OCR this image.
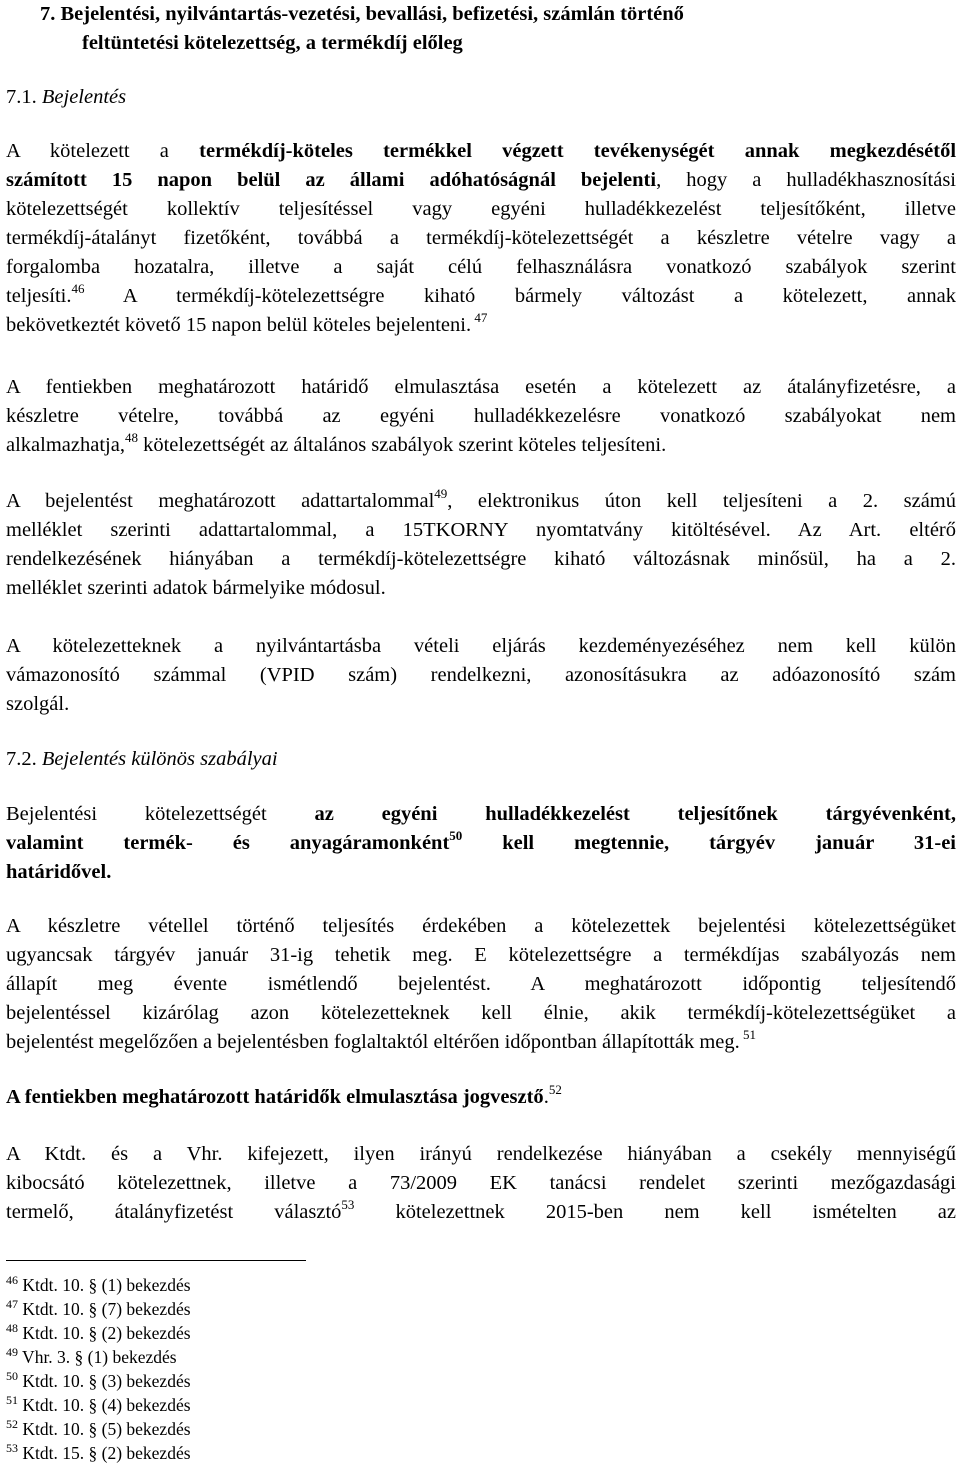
7. Bejelentési, nyilvántartás-vezetési, bevallási, befizetési, számlán történő
feltüntetési kötelezettség, a termékdíj előleg
7.1. Bejelentés
A kötelezett a termékdíj-köteles termékkel végzett tevékenységét annak megkezdésétől
számított 15 napon belül az állami adóhatóságnál bejelenti, hogy a hulladékhasznosítási
kötelezettségét kollektív teljesítéssel vagy egyéni hulladékkezelést teljesítőként, illetve
termékdíj-átalányt fizetőként, továbbá a termékdíj-kötelezettségét a készletre vételre vagy a
forgalomba hozatalra, illetve a saját célú felhasználásra vonatkozó szabályok szerint
teljesíti.$^{46}$ A termékdíj-kötelezettségre kiható bármely változást a kötelezett, annak
bekövetkeztét követő 15 napon belül köteles bejelenteni. $^{47}$
A fentiekben meghatározott határidő elmulasztása esetén a kötelezett az átalányfizetésre, a
készletre vételre, továbbá az egyéni hulladékkezelésre vonatkozó szabályokat nem
alkalmazhatja,$^{48}$ kötelezettségét az általános szabályok szerint köteles teljesíteni.
A bejelentést meghatározott adattartalommal$^{49}$, elektronikus úton kell teljesíteni a 2. számú
melléklet szerinti adattartalommal, a 15TKORNY nyomtatvány kitöltésével. Az Art. eltérő
rendelkezésének hiányában a termékdíj-kötelezettségre kiható változásnak minősül, ha a 2.
melléklet szerinti adatok bármelyike módosul.
A kötelezetteknek a nyilvántartásba vételi eljárás kezdeményezéséhez nem kell külön
vámazonosító számmal (VPID szám) rendelkezni, azonosításukra az adóazonosító szám
szolgál.
7.2. Bejelentés különös szabályai
Bejelentési kötelezettségét az egyéni hulladékkezelést teljesítőnek tárgyévenként,
valamint termék- és anyagáramonként$^{50}$ kell megtennie, tárgyév január 31-ei
határidővel.
A készletre vétellel történő teljesítés érdekében a kötelezettek bejelentési kötelezettségüket
ugyancsak tárgyév január 31-ig tehetik meg. E kötelezettségre a termékdíjas szabályozás nem
állapít meg évente ismétlendő bejelentést. A meghatározott időpontig teljesítendő
bejelentéssel kizárólag azon kötelezetteknek kell élnie, akik termékdíj-kötelezettségüket a
bejelentést megelőzően a bejelentésben foglaltaktól eltérően időpontban állapították meg. $^{51}$
A fentiekben meghatározott határidők elmulasztása jogvesztő.$^{52}$
A Ktdt. és a Vhr. kifejezett, ilyen irányú rendelkezése hiányában a csekély mennyiségű
kibocsátó kötelezettnek, illetve a 73/2009 EK tanácsi rendelet szerinti mezőgazdasági
termelő, átalányfizetést választó$^{53}$ kötelezettnek 2015-ben nem kell ismételten az
$^{46}$ Ktdt. 10. § (1) bekezdés
$^{47}$ Ktdt. 10. § (7) bekezdés
$^{48}$ Ktdt. 10. § (2) bekezdés
$^{49}$ Vhr. 3. § (1) bekezdés
$^{50}$ Ktdt. 10. § (3) bekezdés
$^{51}$ Ktdt. 10. § (4) bekezdés
$^{52}$ Ktdt. 10. § (5) bekezdés
$^{53}$ Ktdt. 15. § (2) bekezdés
